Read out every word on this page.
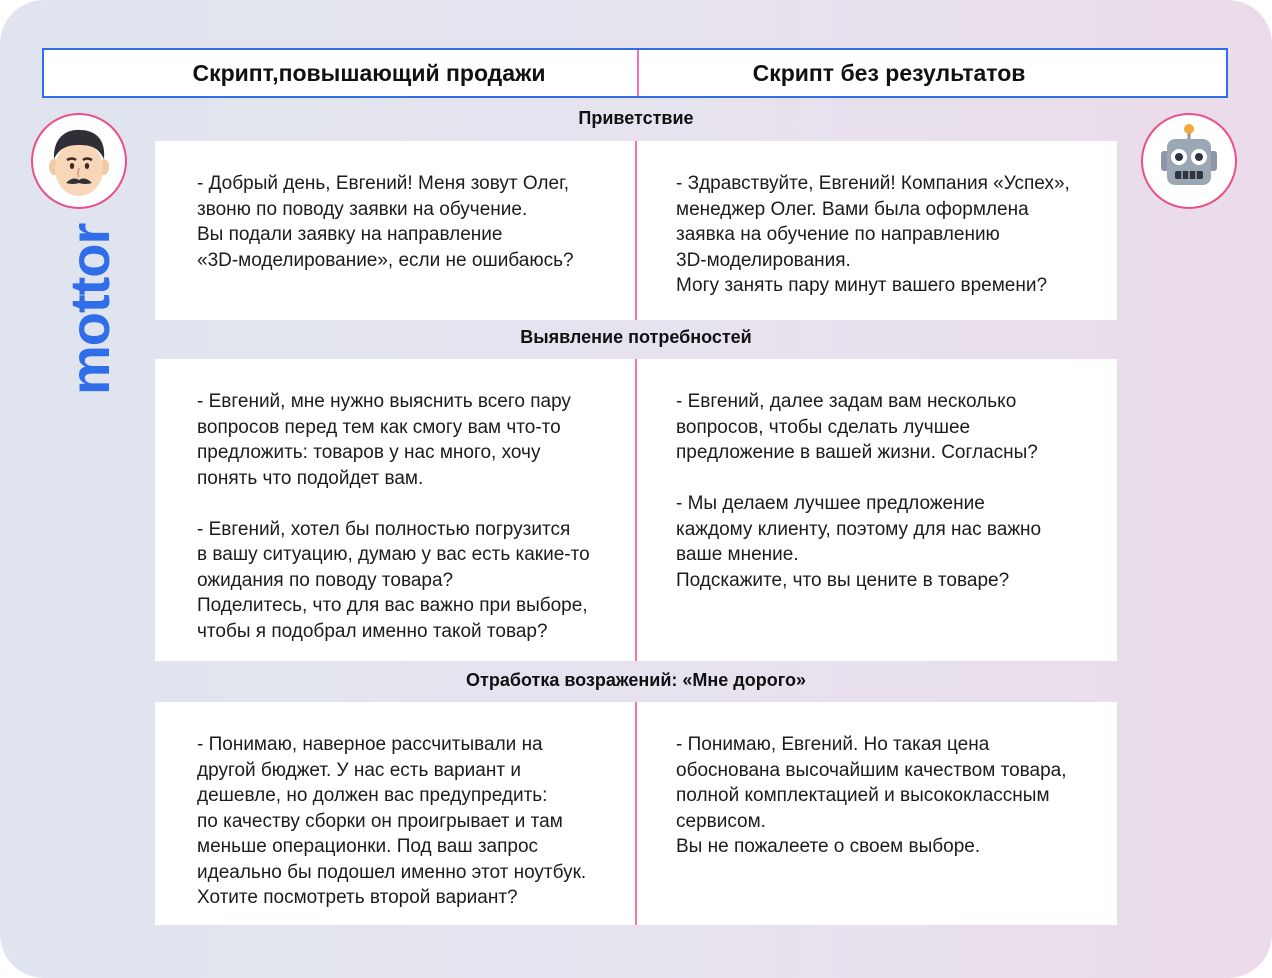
Скрипт,повышающий продажи	Скрипт без результатов
mottor
Приветствие

- Добрый день, Евгений! Меня зовут Олег,
звоню по поводу заявки на обучение.
Вы подали заявку на направление
«3D-моделирование», если не ошибаюсь?

- Здравствуйте, Евгений! Компания «Успех»,
менеджер Олег. Вами была оформлена
заявка на обучение по направлению
3D-моделирования.
Могу занять пару минут вашего времени?

Выявление потребностей

- Евгений, мне нужно выяснить всего пару
вопросов перед тем как смогу вам что-то
предложить: товаров у нас много, хочу
понять что подойдет вам.

- Евгений, хотел бы полностью погрузится
в вашу ситуацию, думаю у вас есть какие-то
ожидания по поводу товара?
Поделитесь, что для вас важно при выборе,
чтобы я подобрал именно такой товар?

- Евгений, далее задам вам несколько
вопросов, чтобы сделать лучшее
предложение в вашей жизни. Согласны?

- Мы делаем лучшее предложение
каждому клиенту, поэтому для нас важно
ваше мнение.
Подскажите, что вы цените в товаре?

Отработка возражений: «Мне дорого»

- Понимаю, наверное рассчитывали на
другой бюджет. У нас есть вариант и
дешевле, но должен вас предупредить:
по качеству сборки он проигрывает и там
меньше операционки. Под ваш запрос
идеально бы подошел именно этот ноутбук.
Хотите посмотреть второй вариант?

- Понимаю, Евгений. Но такая цена
обоснована высочайшим качеством товара,
полной комплектацией и высококлассным
сервисом.
Вы не пожалеете о своем выборе.
